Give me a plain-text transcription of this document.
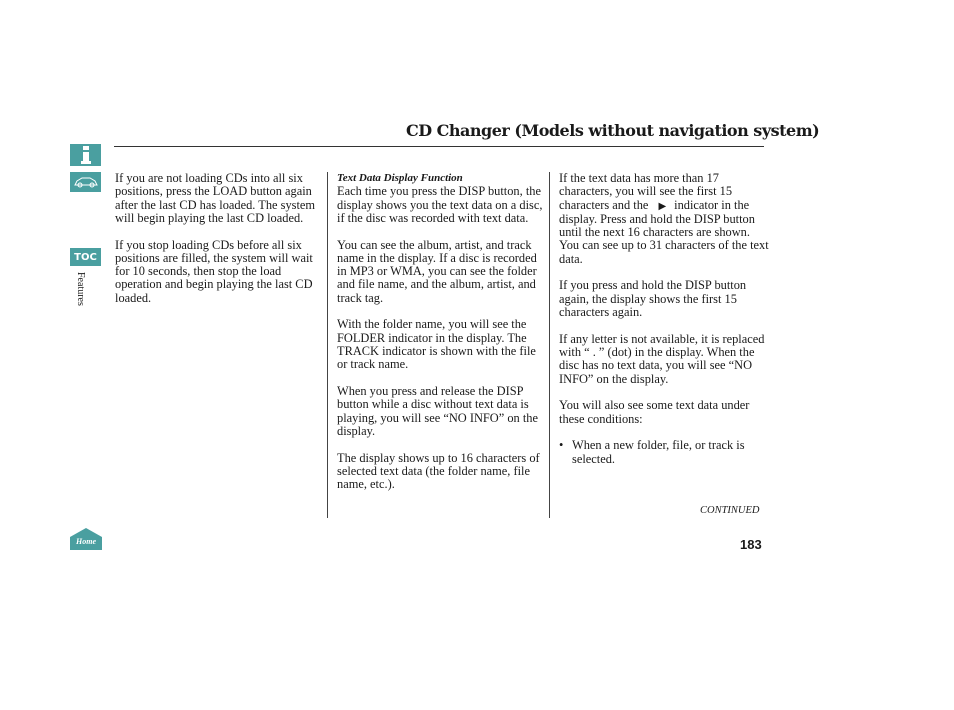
CD Changer (Models without navigation system)
TOC
Features
Home

If you are not loading CDs into all six positions, press the LOAD button again after the last CD has loaded. The system will begin playing the last CD loaded.

If you stop loading CDs before all six positions are filled, the system will wait for 10 seconds, then stop the load operation and begin playing the last CD loaded.

Text Data Display Function

Each time you press the DISP button, the display shows you the text data on a disc, if the disc was recorded with text data.

You can see the album, artist, and track name in the display. If a disc is recorded in MP3 or WMA, you can see the folder and file name, and the album, artist, and track tag.

With the folder name, you will see the FOLDER indicator in the display. The TRACK indicator is shown with the file or track name.

When you press and release the DISP button while a disc without text data is playing, you will see “NO INFO” on the display.

The display shows up to 16 characters of selected text data (the folder name, file name, etc.).

If the text data has more than 17 characters, you will see the first 15 characters and the ▶ indicator in the display. Press and hold the DISP button until the next 16 characters are shown. You can see up to 31 characters of the text data.

If you press and hold the DISP button again, the display shows the first 15 characters again.

If any letter is not available, it is replaced with “ . ” (dot) in the display. When the disc has no text data, you will see “NO INFO” on the display.

You will also see some text data under these conditions:

• When a new folder, file, or track is selected.
CONTINUED
183
